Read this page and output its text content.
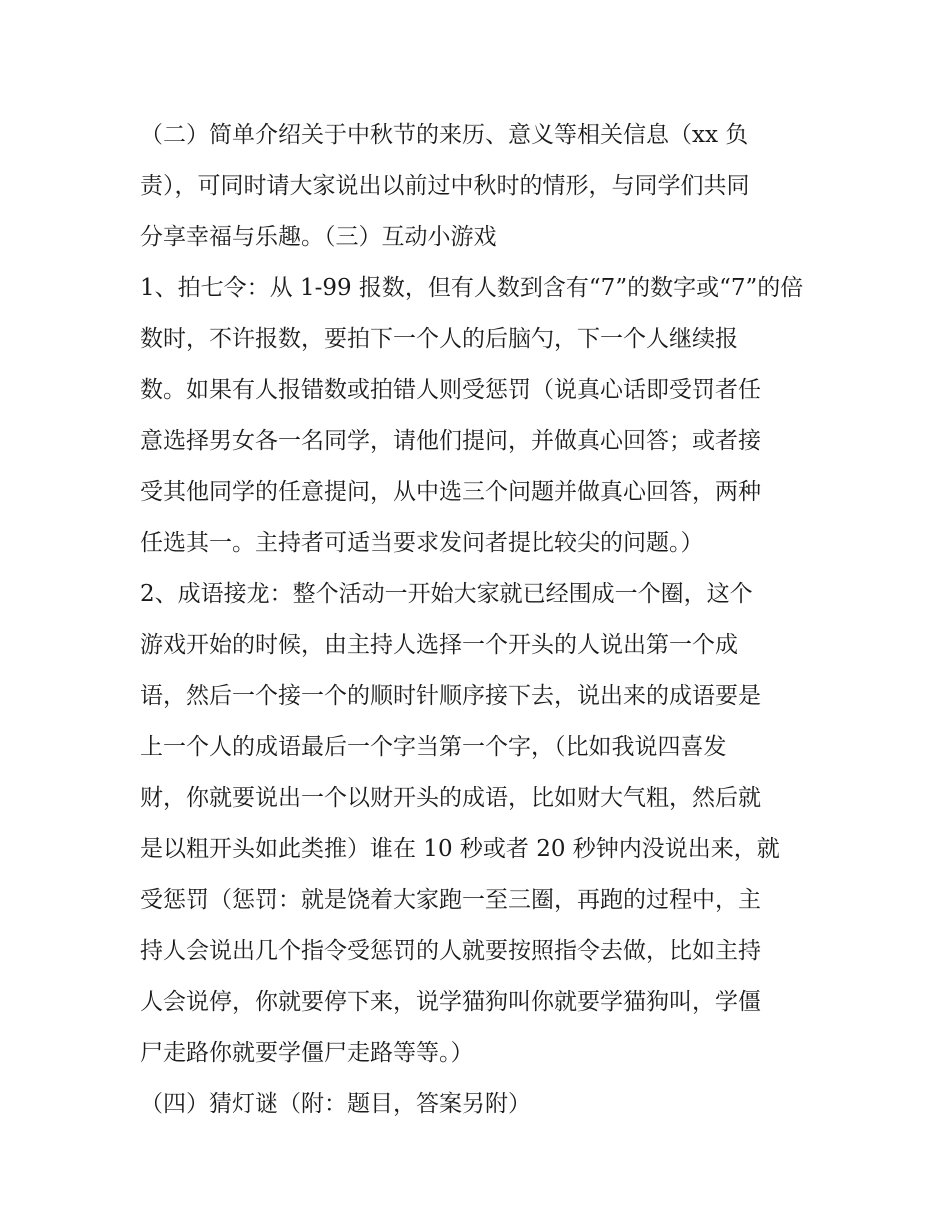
（二）简单介绍关于中秋节的来历、意义等相关信息（xx 负
责），可同时请大家说出以前过中秋时的情形，与同学们共同
分享幸福与乐趣。（三）互动小游戏
1、拍七令：从 1-99 报数，但有人数到含有“7”的数字或“7”的倍
数时，不许报数，要拍下一个人的后脑勺，下一个人继续报
数。如果有人报错数或拍错人则受惩罚（说真心话即受罚者任
意选择男女各一名同学，请他们提问，并做真心回答；或者接
受其他同学的任意提问，从中选三个问题并做真心回答，两种
任选其一。主持者可适当要求发问者提比较尖的问题。）
2、成语接龙：整个活动一开始大家就已经围成一个圈，这个
游戏开始的时候，由主持人选择一个开头的人说出第一个成
语，然后一个接一个的顺时针顺序接下去，说出来的成语要是
上一个人的成语最后一个字当第一个字，（比如我说四喜发
财，你就要说出一个以财开头的成语，比如财大气粗，然后就
是以粗开头如此类推）谁在 10 秒或者 20 秒钟内没说出来，就
受惩罚（惩罚：就是饶着大家跑一至三圈，再跑的过程中，主
持人会说出几个指令受惩罚的人就要按照指令去做，比如主持
人会说停，你就要停下来，说学猫狗叫你就要学猫狗叫，学僵
尸走路你就要学僵尸走路等等。）
（四）猜灯谜（附：题目，答案另附）
